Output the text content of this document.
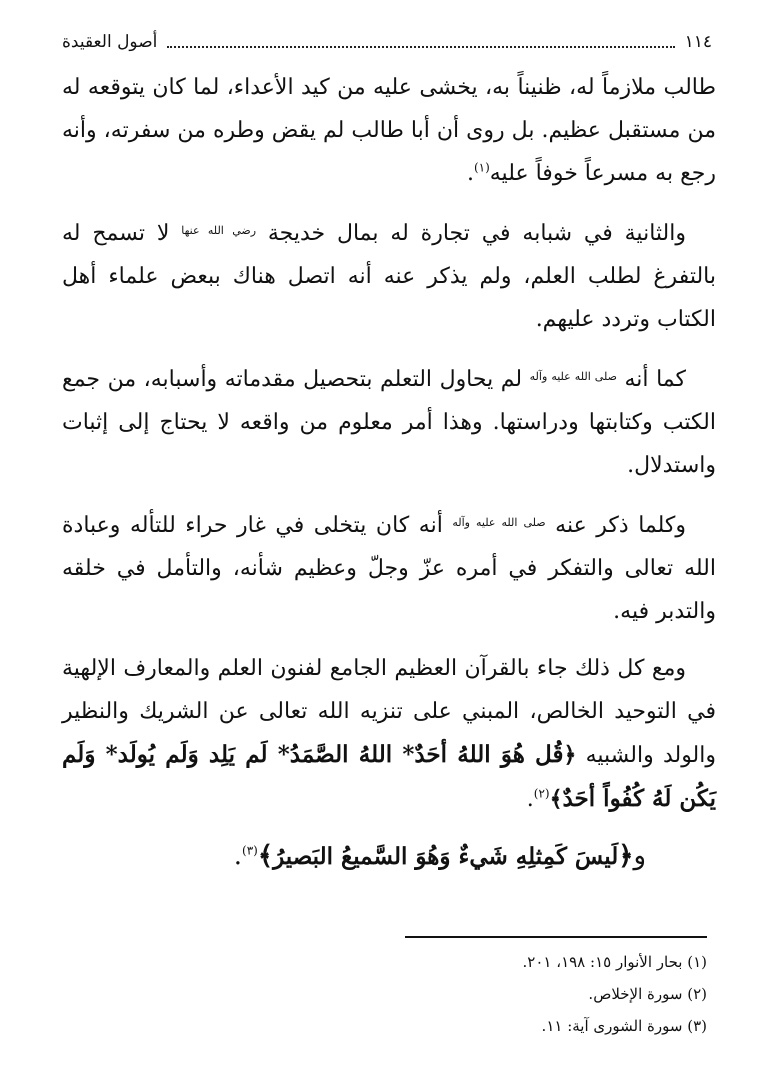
١١٤
أصول العقيدة

طالب ملازماً له، ظنيناً به، يخشى عليه من كيد الأعداء، لما كان يتوقعه له من مستقبل عظيم. بل روى أن أبا طالب لم يقض وطره من سفرته، وأنه رجع به مسرعاً خوفاً عليه$^{(١)}$.

والثانية في شبابه في تجارة له بمال خديجة $^{رضي الله عنها}$ لا تسمح له بالتفرغ لطلب العلم، ولم يذكر عنه أنه اتصل هناك ببعض علماء أهل الكتاب وتردد عليهم.

كما أنه $^{صلى الله عليه وآله}$ لم يحاول التعلم بتحصيل مقدماته وأسبابه، من جمع الكتب وكتابتها ودراستها. وهذا أمر معلوم من واقعه لا يحتاج إلى إثبات واستدلال.

وكلما ذكر عنه $^{صلى الله عليه وآله}$ أنه كان يتخلى في غار حراء للتأله وعبادة الله تعالى والتفكر في أمره عزّ وجلّ وعظيم شأنه، والتأمل في خلقه والتدبر فيه.

ومع كل ذلك جاء بالقرآن العظيم الجامع لفنون العلم والمعارف الإلهية في التوحيد الخالص، المبني على تنزيه الله تعالى عن الشريك والنظير والولد والشبيه ﴿قُل هُوَ اللهُ أحَدٌ* اللهُ الصَّمَدُ* لَم يَلِد وَلَم يُولَد* وَلَم يَكُن لَهُ كُفُواً أحَدٌ﴾$^{(٢)}$.

و﴿لَيسَ كَمِثلِهِ شَيءٌ وَهُوَ السَّميعُ البَصيرُ﴾$^{(٣)}$.

(١) بحار الأنوار ١٥: ١٩٨، ٢٠١.
(٢) سورة الإخلاص.
(٣) سورة الشورى آية: ١١.
